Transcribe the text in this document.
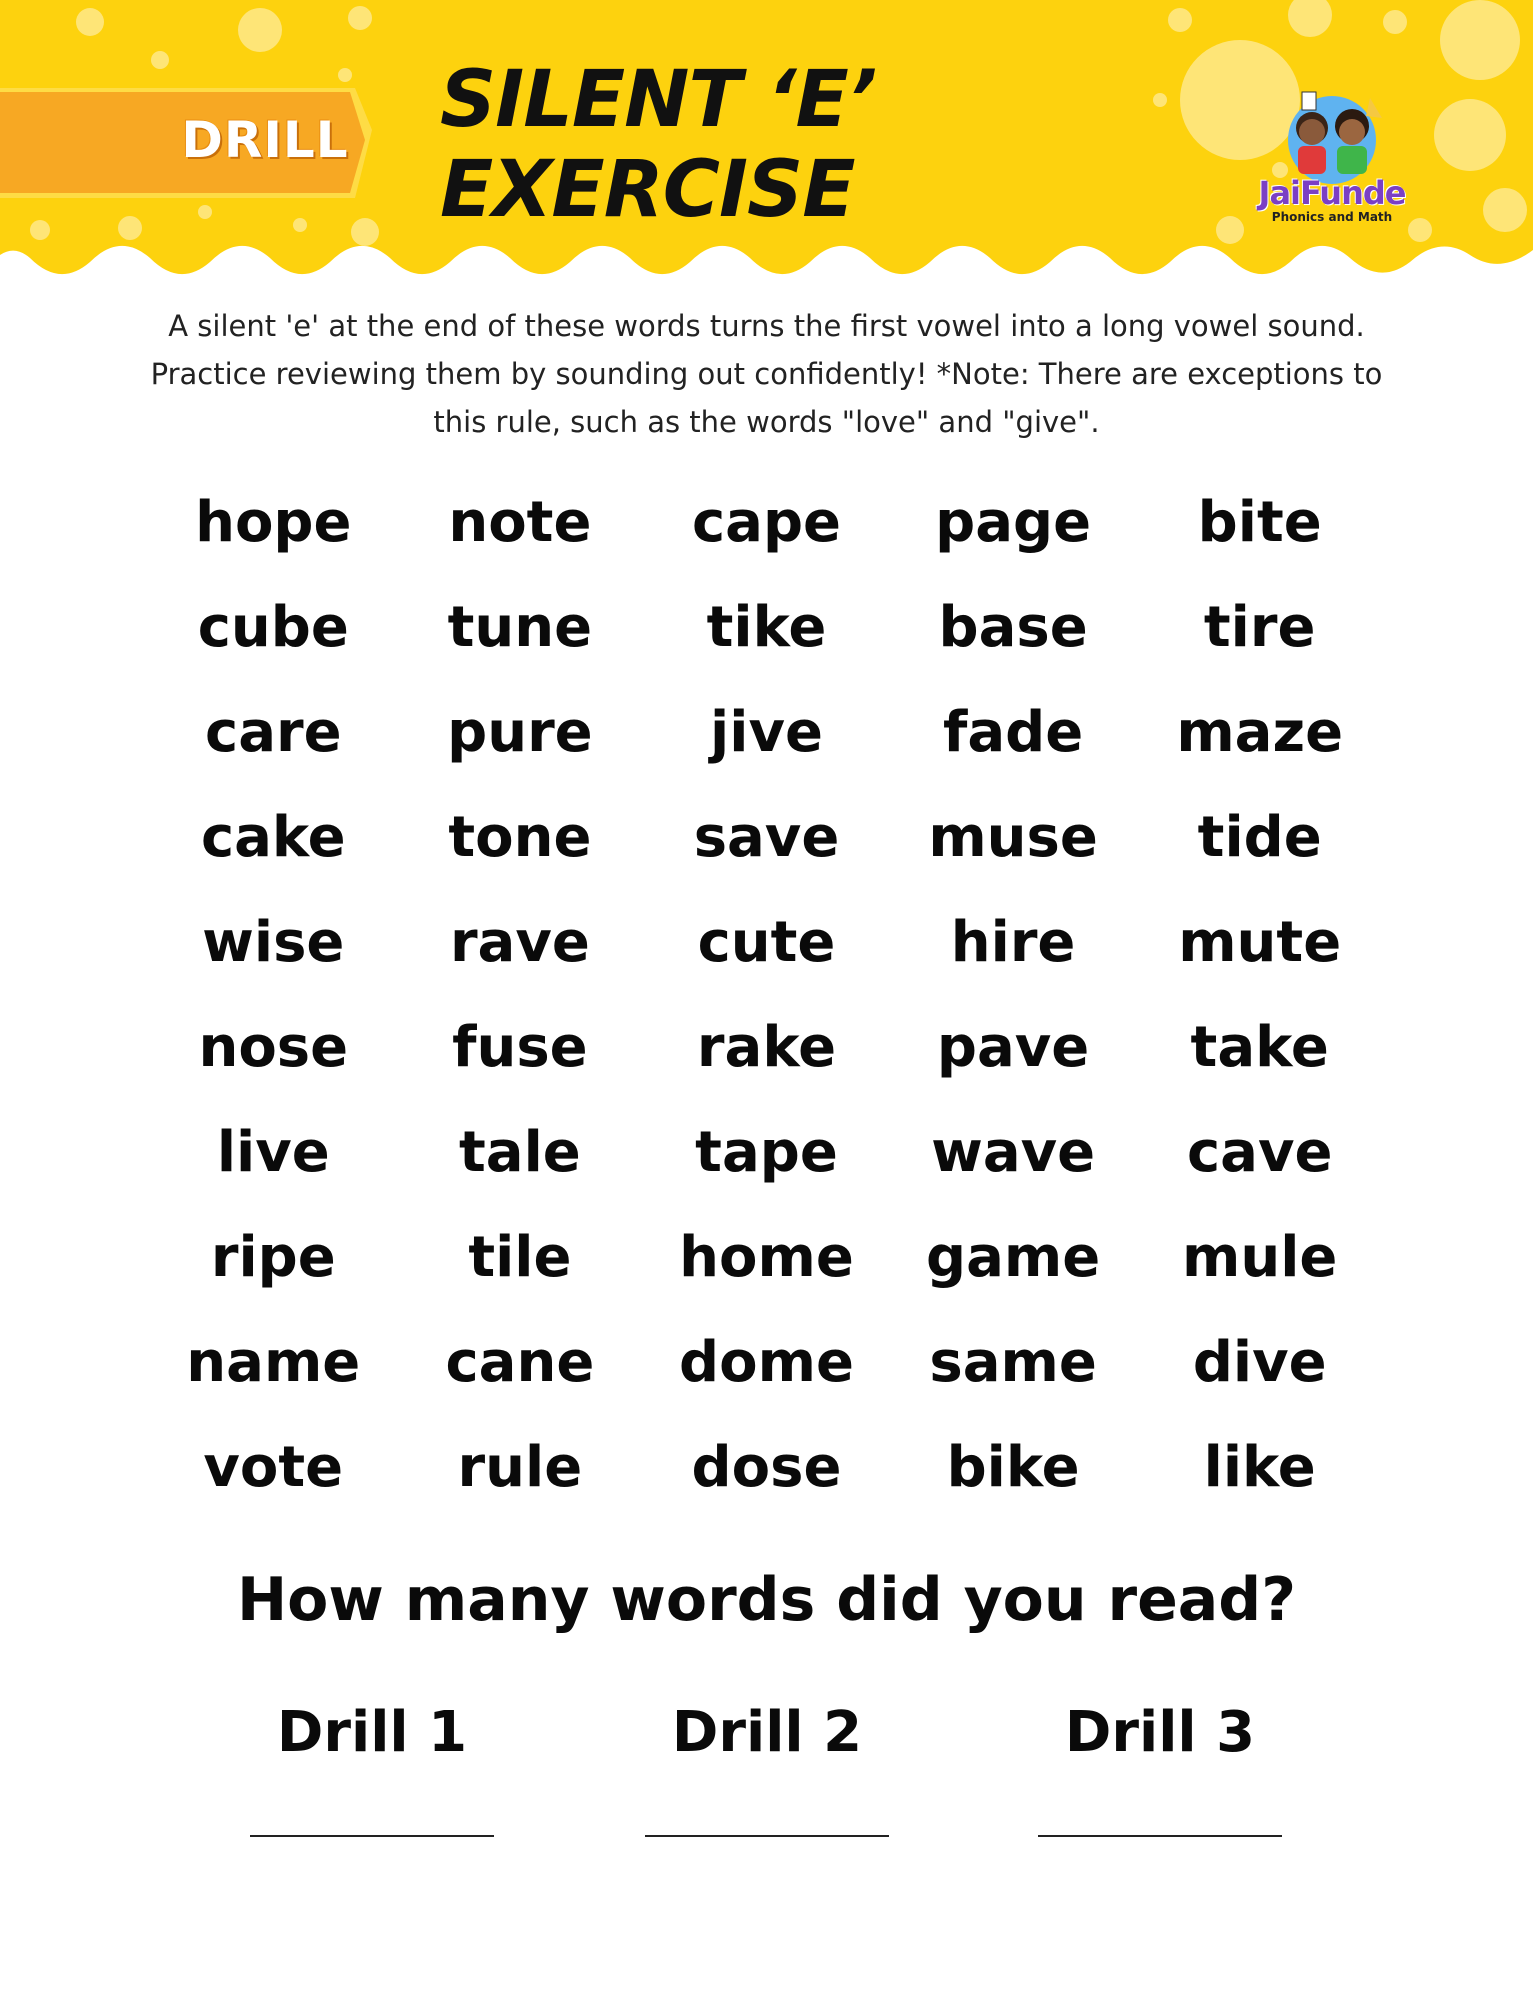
DRILL	SILENT ‘E’ EXERCISE	JaiFunde
Phonics and Math
A silent 'e' at the end of these words turns the first vowel into a long vowel sound. Practice reviewing them by sounding out confidently! *Note: There are exceptions to this rule, such as the words "love" and "give".
hope	note	cape	page	bite
cube	tune	tike	base	tire
care	pure	jive	fade	maze
cake	tone	save	muse	tide
wise	rave	cute	hire	mute
nose	fuse	rake	pave	take
live	tale	tape	wave	cave
ripe	tile	home	game	mule
name	cane	dome	same	dive
vote	rule	dose	bike	like
How many words did you read?
Drill 1	Drill 2	Drill 3
